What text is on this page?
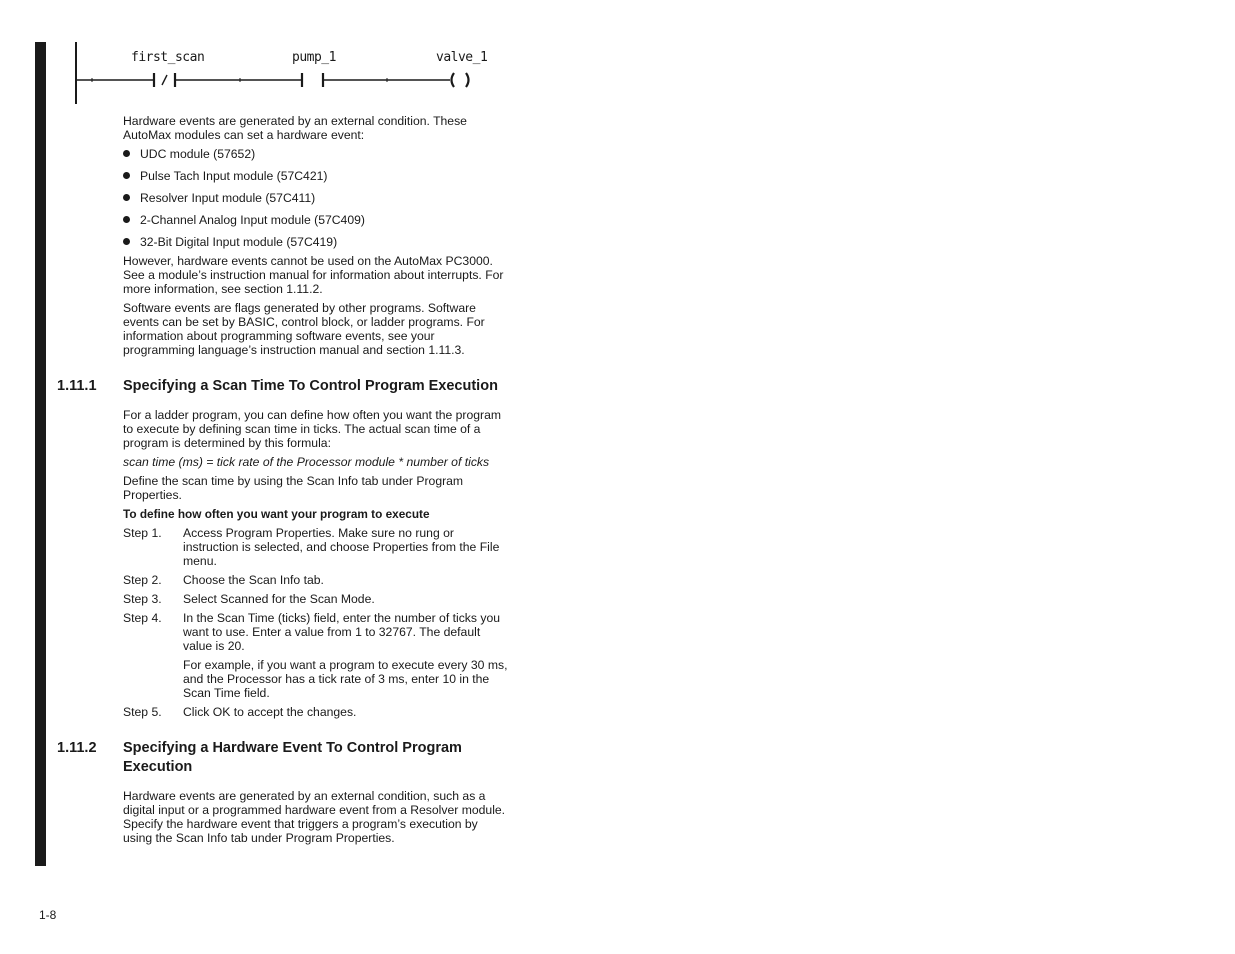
first_scan	pump_1	valve_1

Hardware events are generated by an external condition. These AutoMax modules can set a hardware event:

UDC module (57652)
Pulse Tach Input module (57C421)
Resolver Input module (57C411)
2-Channel Analog Input module (57C409)
32-Bit Digital Input module (57C419)

However, hardware events cannot be used on the AutoMax PC3000. See a module’s instruction manual for information about interrupts. For more information, see section 1.11.2.

Software events are flags generated by other programs. Software events can be set by BASIC, control block, or ladder programs. For information about programming software events, see your programming language’s instruction manual and section 1.11.3.

1.11.1 Specifying a Scan Time To Control Program Execution

For a ladder program, you can define how often you want the program to execute by defining scan time in ticks. The actual scan time of a program is determined by this formula:

scan time (ms) = tick rate of the Processor module * number of ticks

Define the scan time by using the Scan Info tab under Program Properties.

To define how often you want your program to execute
Step 1.	Access Program Properties. Make sure no rung or instruction is selected, and choose Properties from the File menu.
Step 2.	Choose the Scan Info tab.
Step 3.	Select Scanned for the Scan Mode.
Step 4.	In the Scan Time (ticks) field, enter the number of ticks you want to use. Enter a value from 1 to 32767. The default value is 20.
For example, if you want a program to execute every 30 ms, and the Processor has a tick rate of 3 ms, enter 10 in the Scan Time field.
Step 5.	Click OK to accept the changes.
1.11.2 Specifying a Hardware Event To Control Program Execution

Hardware events are generated by an external condition, such as a digital input or a programmed hardware event from a Resolver module. Specify the hardware event that triggers a program’s execution by using the Scan Info tab under Program Properties.

1-8
